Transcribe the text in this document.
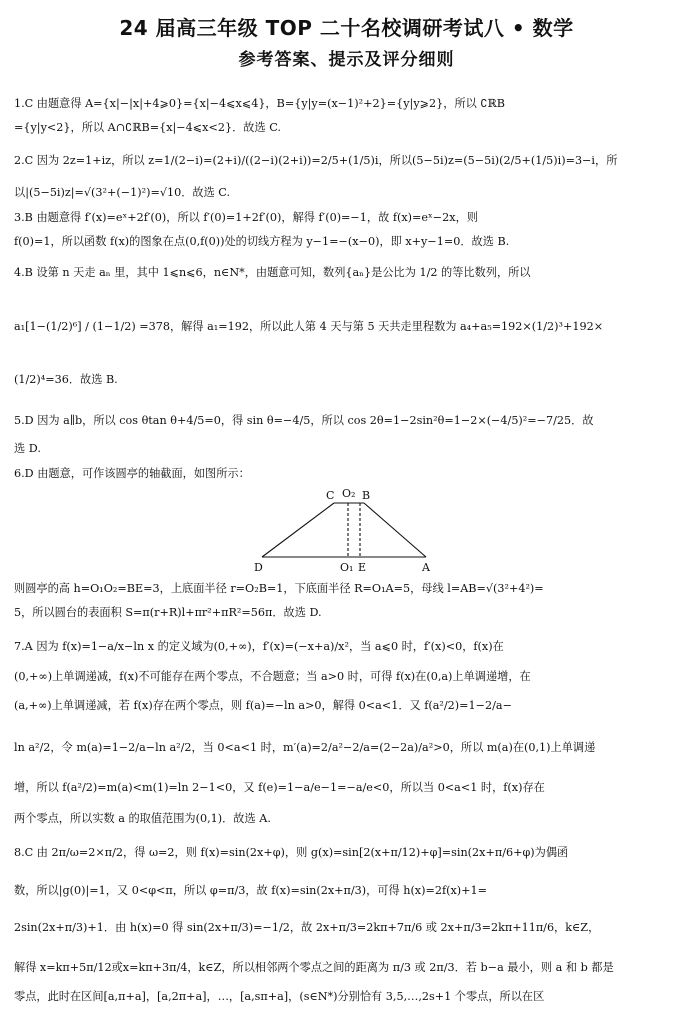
24 届高三年级 TOP 二十名校调研考试八 • 数学
参考答案、提示及评分细则
1.C 由题意得 A={x|−|x|+4⩾0}={x|−4⩽x⩽4}，B={y|y=(x−1)²+2}={y|y⩾2}，所以 ∁ℝB
={y|y<2}，所以 A∩∁ℝB={x|−4⩽x<2}．故选 C.
2.C 因为 2z=1+iz，所以 z=1/(2−i)=(2+i)/((2−i)(2+i))=2/5+(1/5)i，所以(5−5i)z=(5−5i)(2/5+(1/5)i)=3−i，所
以|(5−5i)z|=√(3²+(−1)²)=√10．故选 C.
3.B 由题意得 f′(x)=eˣ+2f′(0)，所以 f′(0)=1+2f′(0)，解得 f′(0)=−1，故 f(x)=eˣ−2x，则
f(0)=1，所以函数 f(x)的图象在点(0,f(0))处的切线方程为 y−1=−(x−0)，即 x+y−1=0．故选 B.
4.B 设第 n 天走 aₙ 里，其中 1⩽n⩽6，n∈N*，由题意可知，数列{aₙ}是公比为 1/2 的等比数列，所以
a₁[1−(1/2)⁶] / (1−1/2) =378，解得 a₁=192，所以此人第 4 天与第 5 天共走里程数为 a₄+a₅=192×(1/2)³+192×
(1/2)⁴=36．故选 B.
5.D 因为 a∥b，所以 cos θtan θ+4/5=0，得 sin θ=−4/5，所以 cos 2θ=1−2sin²θ=1−2×(−4/5)²=−7/25．故
选 D.
6.D 由题意，可作该圆亭的轴截面，如图所示：
C O₂ B
D	O₁ E	A
则圆亭的高 h=O₁O₂=BE=3，上底面半径 r=O₂B=1，下底面半径 R=O₁A=5，母线 l=AB=√(3²+4²)=
5，所以圆台的表面积 S=π(r+R)l+πr²+πR²=56π．故选 D.
7.A 因为 f(x)=1−a/x−ln x 的定义域为(0,+∞)，f′(x)=(−x+a)/x²，当 a⩽0 时，f′(x)<0，f(x)在
(0,+∞)上单调递减，f(x)不可能存在两个零点，不合题意；当 a>0 时，可得 f(x)在(0,a)上单调递增，在
(a,+∞)上单调递减，若 f(x)存在两个零点，则 f(a)=−ln a>0，解得 0<a<1．又 f(a²/2)=1−2/a−
ln a²/2，令 m(a)=1−2/a−ln a²/2，当 0<a<1 时，m′(a)=2/a²−2/a=(2−2a)/a²>0，所以 m(a)在(0,1)上单调递
增，所以 f(a²/2)=m(a)<m(1)=ln 2−1<0，又 f(e)=1−a/e−1=−a/e<0，所以当 0<a<1 时，f(x)存在
两个零点，所以实数 a 的取值范围为(0,1)．故选 A.
8.C 由 2π/ω=2×π/2，得 ω=2，则 f(x)=sin(2x+φ)，则 g(x)=sin[2(x+π/12)+φ]=sin(2x+π/6+φ)为偶函
数，所以|g(0)|=1，又 0<φ<π，所以 φ=π/3，故 f(x)=sin(2x+π/3)，可得 h(x)=2f(x)+1=
2sin(2x+π/3)+1．由 h(x)=0 得 sin(2x+π/3)=−1/2，故 2x+π/3=2kπ+7π/6 或 2x+π/3=2kπ+11π/6，k∈Z，
解得 x=kπ+5π/12或x=kπ+3π/4，k∈Z，所以相邻两个零点之间的距离为 π/3 或 2π/3．若 b−a 最小，则 a 和 b 都是
零点，此时在区间[a,π+a]，[a,2π+a]，…，[a,sπ+a]，(s∈N*)分别恰有 3,5,…,2s+1 个零点，所以在区
